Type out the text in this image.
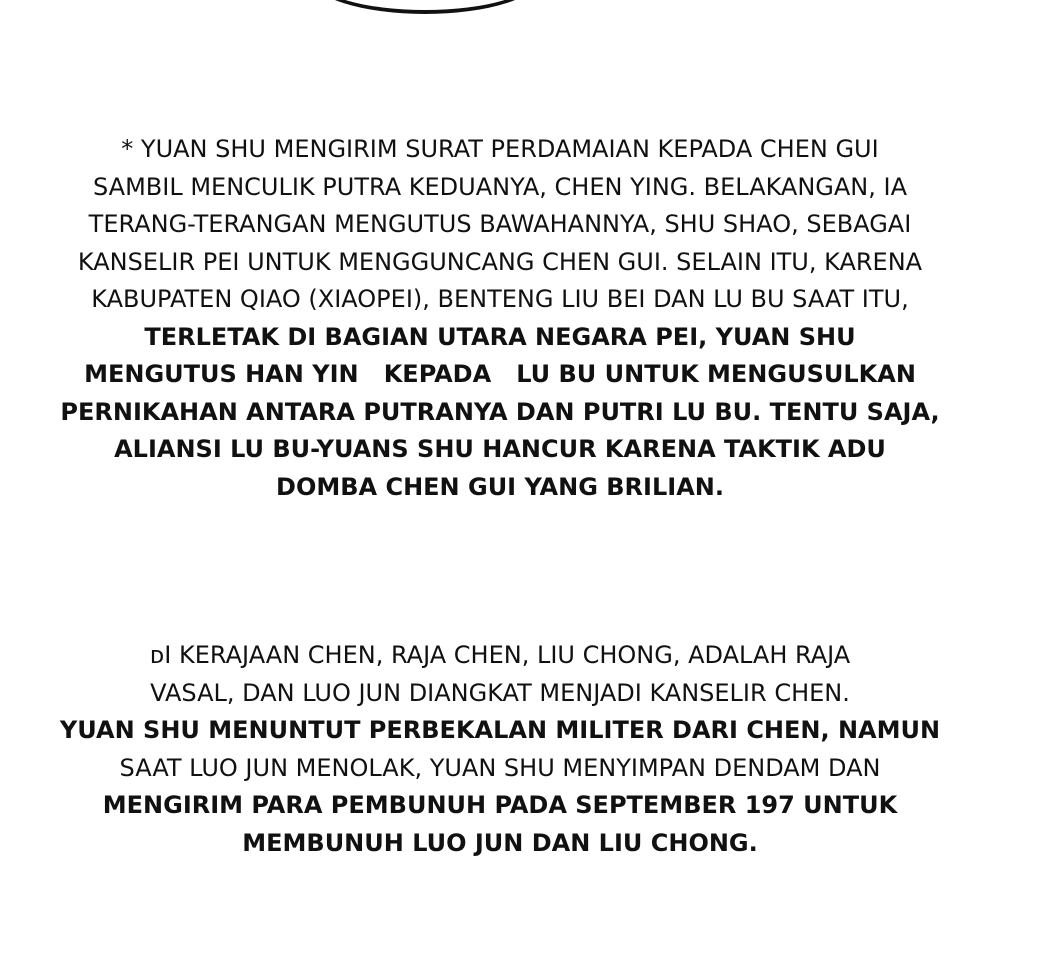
* YUAN SHU MENGIRIM SURAT PERDAMAIAN KEPADA CHEN GUI
SAMBIL MENCULIK PUTRA KEDUANYA, CHEN YING. BELAKANGAN, IA
TERANG-TERANGAN MENGUTUS BAWAHANNYA, SHU SHAO, SEBAGAI
KANSELIR PEI UNTUK MENGGUNCANG CHEN GUI. SELAIN ITU, KARENA
KABUPATEN QIAO (XIAOPEI), BENTENG LIU BEI DAN LU BU SAAT ITU,
TERLETAK DI BAGIAN UTARA NEGARA PEI, YUAN SHU
MENGUTUS HAN YIN   KEPADA   LU BU UNTUK MENGUSULKAN
PERNIKAHAN ANTARA PUTRANYA DAN PUTRI LU BU. TENTU SAJA,
ALIANSI LU BU-YUANS SHU HANCUR KARENA TAKTIK ADU
DOMBA CHEN GUI YANG BRILIAN.
ᴅI KERAJAAN CHEN, RAJA CHEN, LIU CHONG, ADALAH RAJA
VASAL, DAN LUO JUN DIANGKAT MENJADI KANSELIR CHEN.
YUAN SHU MENUNTUT PERBEKALAN MILITER DARI CHEN, NAMUN
SAAT LUO JUN MENOLAK, YUAN SHU MENYIMPAN DENDAM DAN
MENGIRIM PARA PEMBUNUH PADA SEPTEMBER 197 UNTUK
MEMBUNUH LUO JUN DAN LIU CHONG.
